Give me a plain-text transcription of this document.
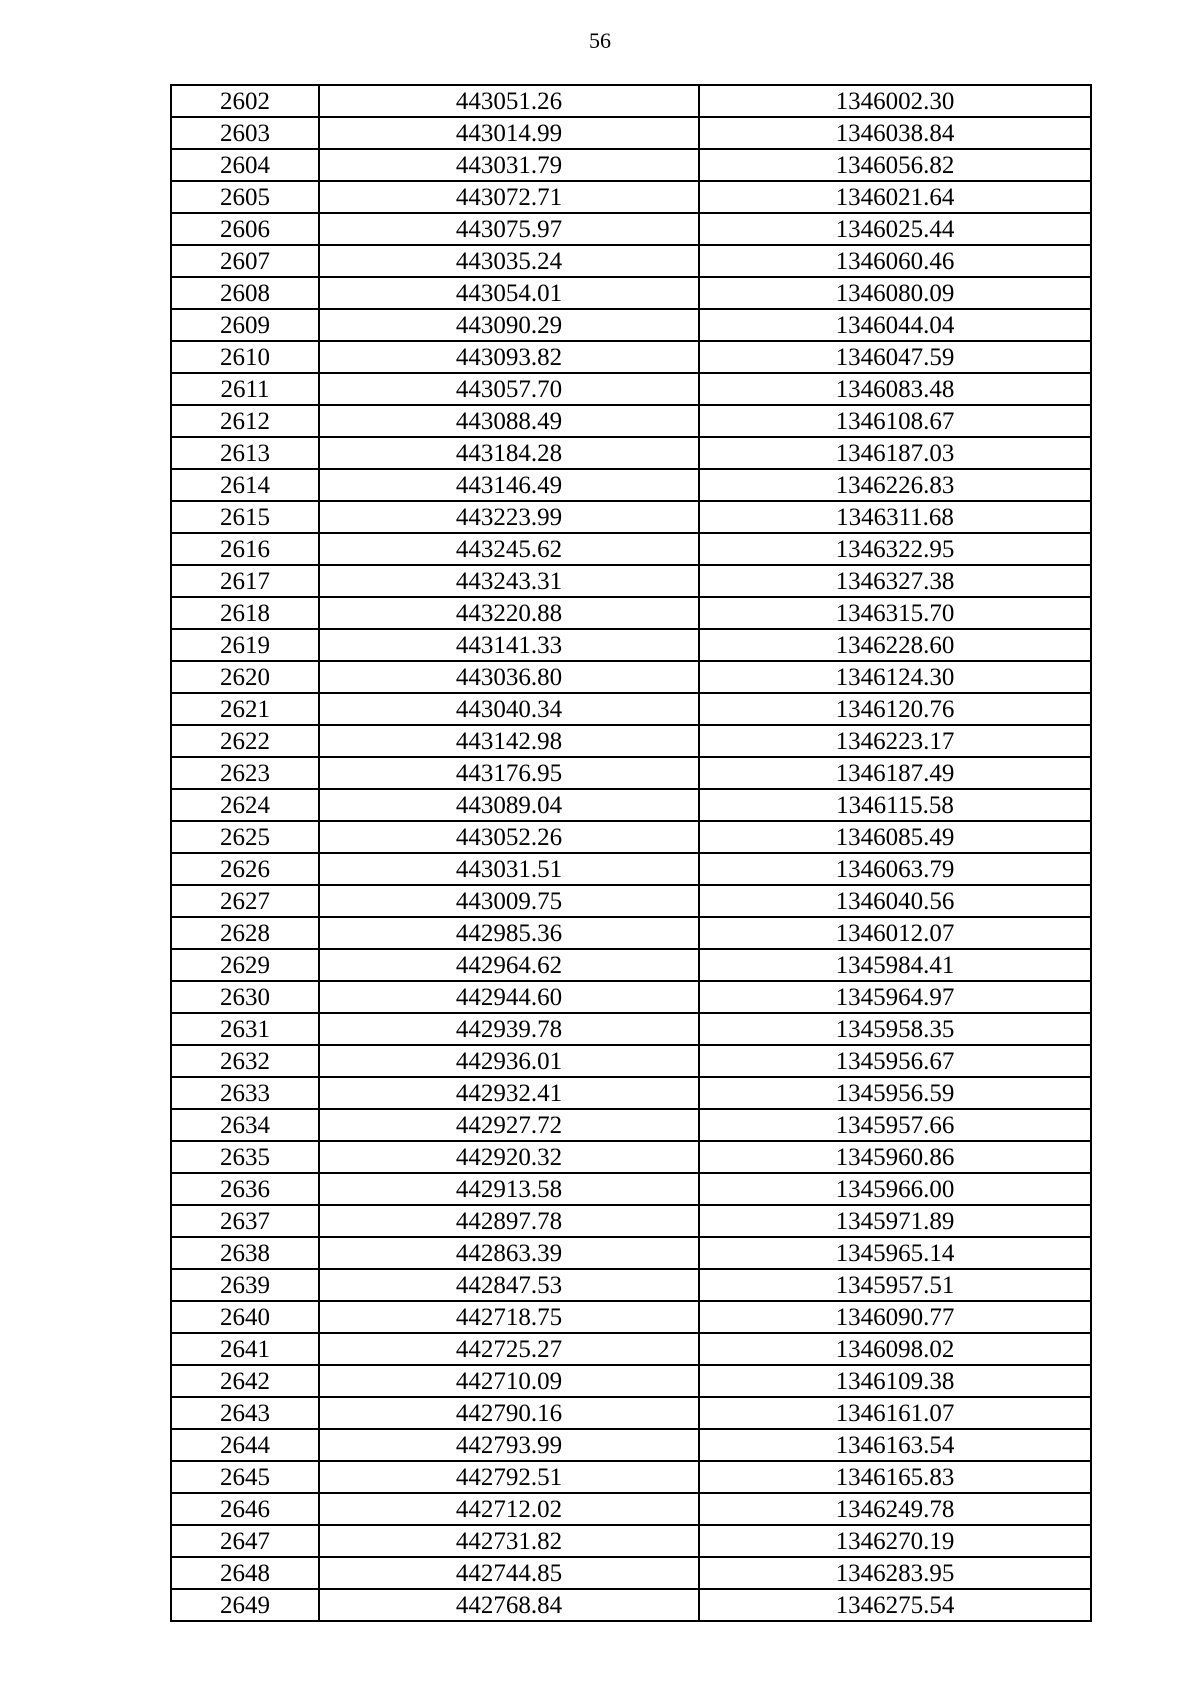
56
2602	443051.26	1346002.30
2603	443014.99	1346038.84
2604	443031.79	1346056.82
2605	443072.71	1346021.64
2606	443075.97	1346025.44
2607	443035.24	1346060.46
2608	443054.01	1346080.09
2609	443090.29	1346044.04
2610	443093.82	1346047.59
2611	443057.70	1346083.48
2612	443088.49	1346108.67
2613	443184.28	1346187.03
2614	443146.49	1346226.83
2615	443223.99	1346311.68
2616	443245.62	1346322.95
2617	443243.31	1346327.38
2618	443220.88	1346315.70
2619	443141.33	1346228.60
2620	443036.80	1346124.30
2621	443040.34	1346120.76
2622	443142.98	1346223.17
2623	443176.95	1346187.49
2624	443089.04	1346115.58
2625	443052.26	1346085.49
2626	443031.51	1346063.79
2627	443009.75	1346040.56
2628	442985.36	1346012.07
2629	442964.62	1345984.41
2630	442944.60	1345964.97
2631	442939.78	1345958.35
2632	442936.01	1345956.67
2633	442932.41	1345956.59
2634	442927.72	1345957.66
2635	442920.32	1345960.86
2636	442913.58	1345966.00
2637	442897.78	1345971.89
2638	442863.39	1345965.14
2639	442847.53	1345957.51
2640	442718.75	1346090.77
2641	442725.27	1346098.02
2642	442710.09	1346109.38
2643	442790.16	1346161.07
2644	442793.99	1346163.54
2645	442792.51	1346165.83
2646	442712.02	1346249.78
2647	442731.82	1346270.19
2648	442744.85	1346283.95
2649	442768.84	1346275.54
